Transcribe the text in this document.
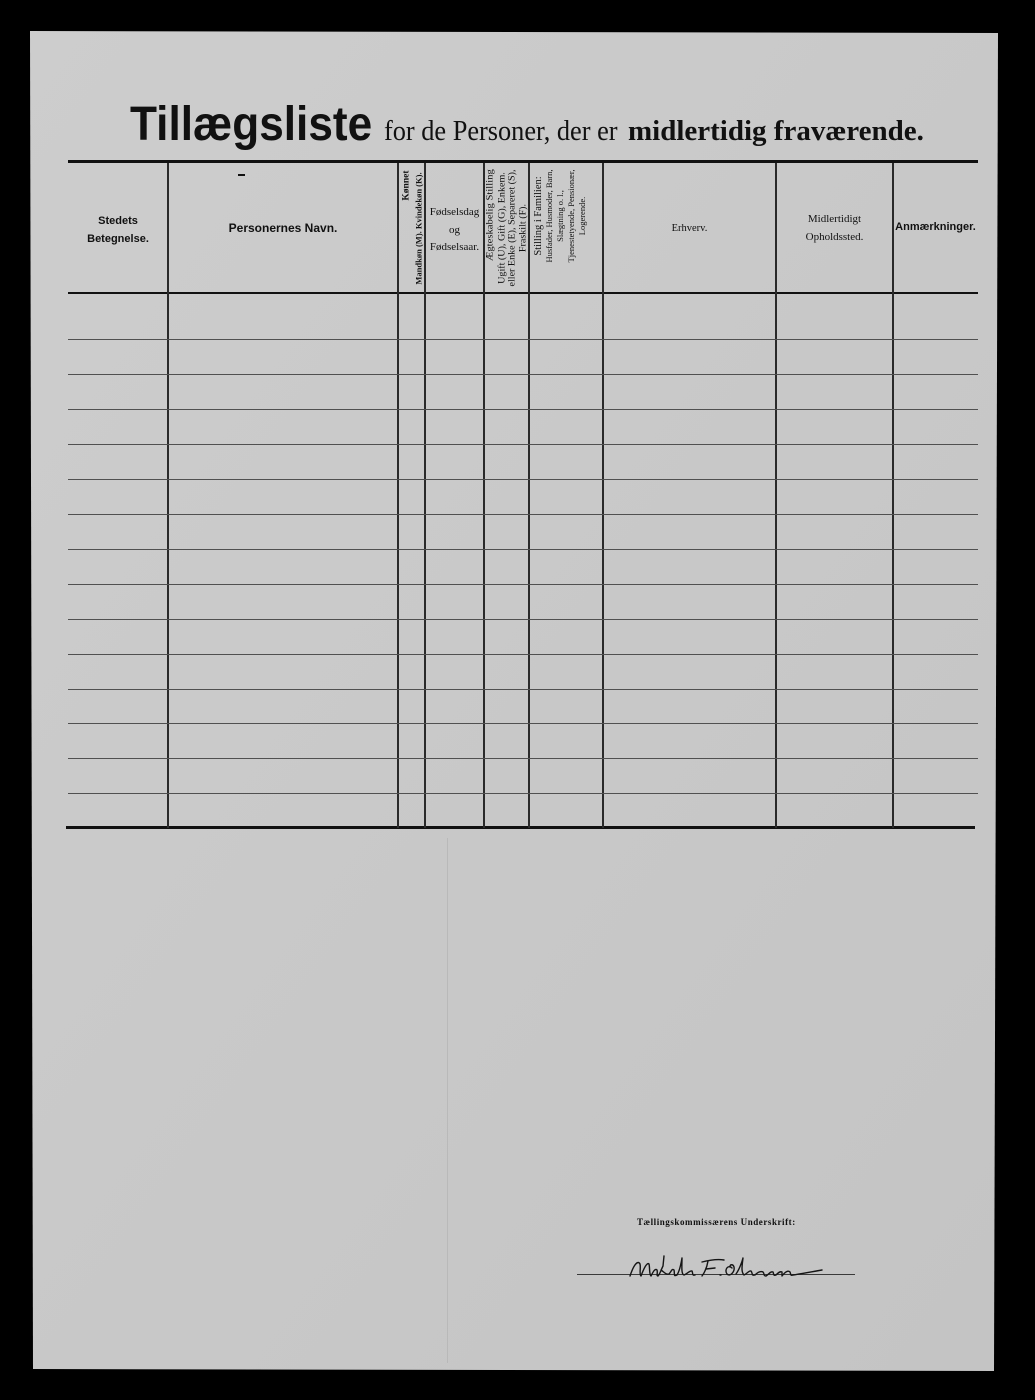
Tillægsliste for de Personer, der er midlertidig fraværende.
Stedets
Betegnelse.
Personernes Navn.
Kønnet Mandkøn (M). Kvindekøn (K). Fødselsdag
og
Fødselsaar. Ægteskabelig Stilling Ugift (U), Gift (G), Enkem. eller Enke (E), Separeret (S), Fraskilt (F). Stilling i Familien: Husfader, Husmoder, Barn, Slægtning o. l., Tjenestetyende, Pensionær, Logerende.	Erhverv.
Midlertidigt
Opholdssted.
Anmærkninger.
Tællingskommissærens Underskrift:
